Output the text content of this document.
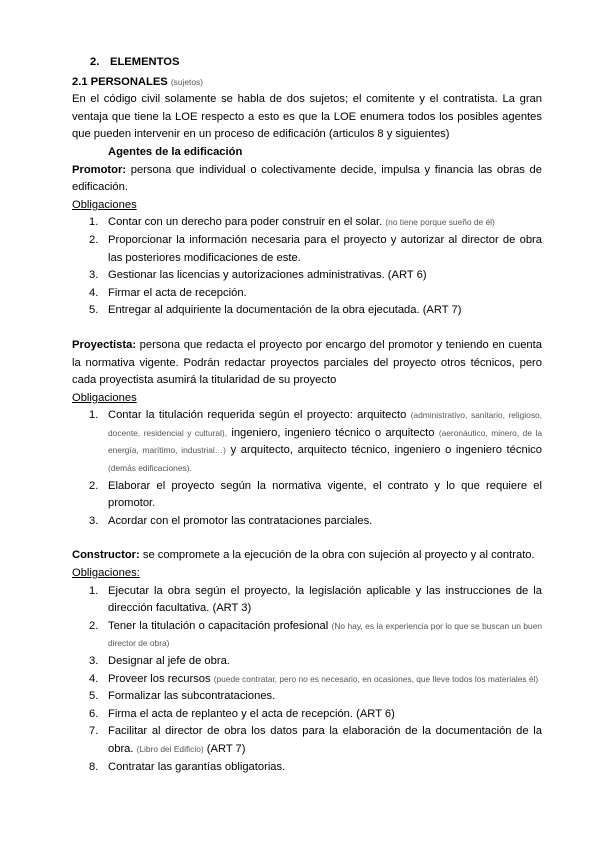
2. ELEMENTOS
2.1 PERSONALES (sujetos)
En el código civil solamente se habla de dos sujetos; el comitente y el contratista. La gran ventaja que tiene la LOE respecto a esto es que la LOE enumera todos los posibles agentes que pueden intervenir en un proceso de edificación (articulos 8 y siguientes)
Agentes de la edificación
Promotor: persona que individual o colectivamente decide, impulsa y financia las obras de edificación.
Obligaciones
1. Contar con un derecho para poder construir en el solar. (no tiene porque sueño de él)
2. Proporcionar la información necesaria para el proyecto y autorizar al director de obra las posteriores modificaciones de este.
3. Gestionar las licencias y autorizaciones administrativas. (ART 6)
4. Firmar el acta de recepción.
5. Entregar al adquiriente la documentación de la obra ejecutada. (ART 7)
Proyectista: persona que redacta el proyecto por encargo del promotor y teniendo en cuenta la normativa vigente. Podrán redactar proyectos parciales del proyecto otros técnicos, pero cada proyectista asumirá la titularidad de su proyecto
Obligaciones
1. Contar la titulación requerida según el proyecto: arquitecto (administrativo, sanitario, religioso, docente, residencial y cultural), ingeniero, ingeniero técnico o arquitecto (aeronáutico, minero, de la energía, marítimo, industrial…) y arquitecto, arquitecto técnico, ingeniero o ingeniero técnico (demás edificaciones).
2. Elaborar el proyecto según la normativa vigente, el contrato y lo que requiere el promotor.
3. Acordar con el promotor las contrataciones parciales.
Constructor: se compromete a la ejecución de la obra con sujeción al proyecto y al contrato.
Obligaciones:
1. Ejecutar la obra según el proyecto, la legislación aplicable y las instrucciones de la dirección facultativa. (ART 3)
2. Tener la titulación o capacitación profesional (No hay, es la experiencia por lo que se buscan un buen director de obra)
3. Designar al jefe de obra.
4. Proveer los recursos (puede contratar, pero no es necesario, en ocasiones, que lleve todos los materiales él)
5. Formalizar las subcontrataciones.
6. Firma el acta de replanteo y el acta de recepción. (ART 6)
7. Facilitar al director de obra los datos para la elaboración de la documentación de la obra. (Libro del Edificio) (ART 7)
8. Contratar las garantías obligatorias.
